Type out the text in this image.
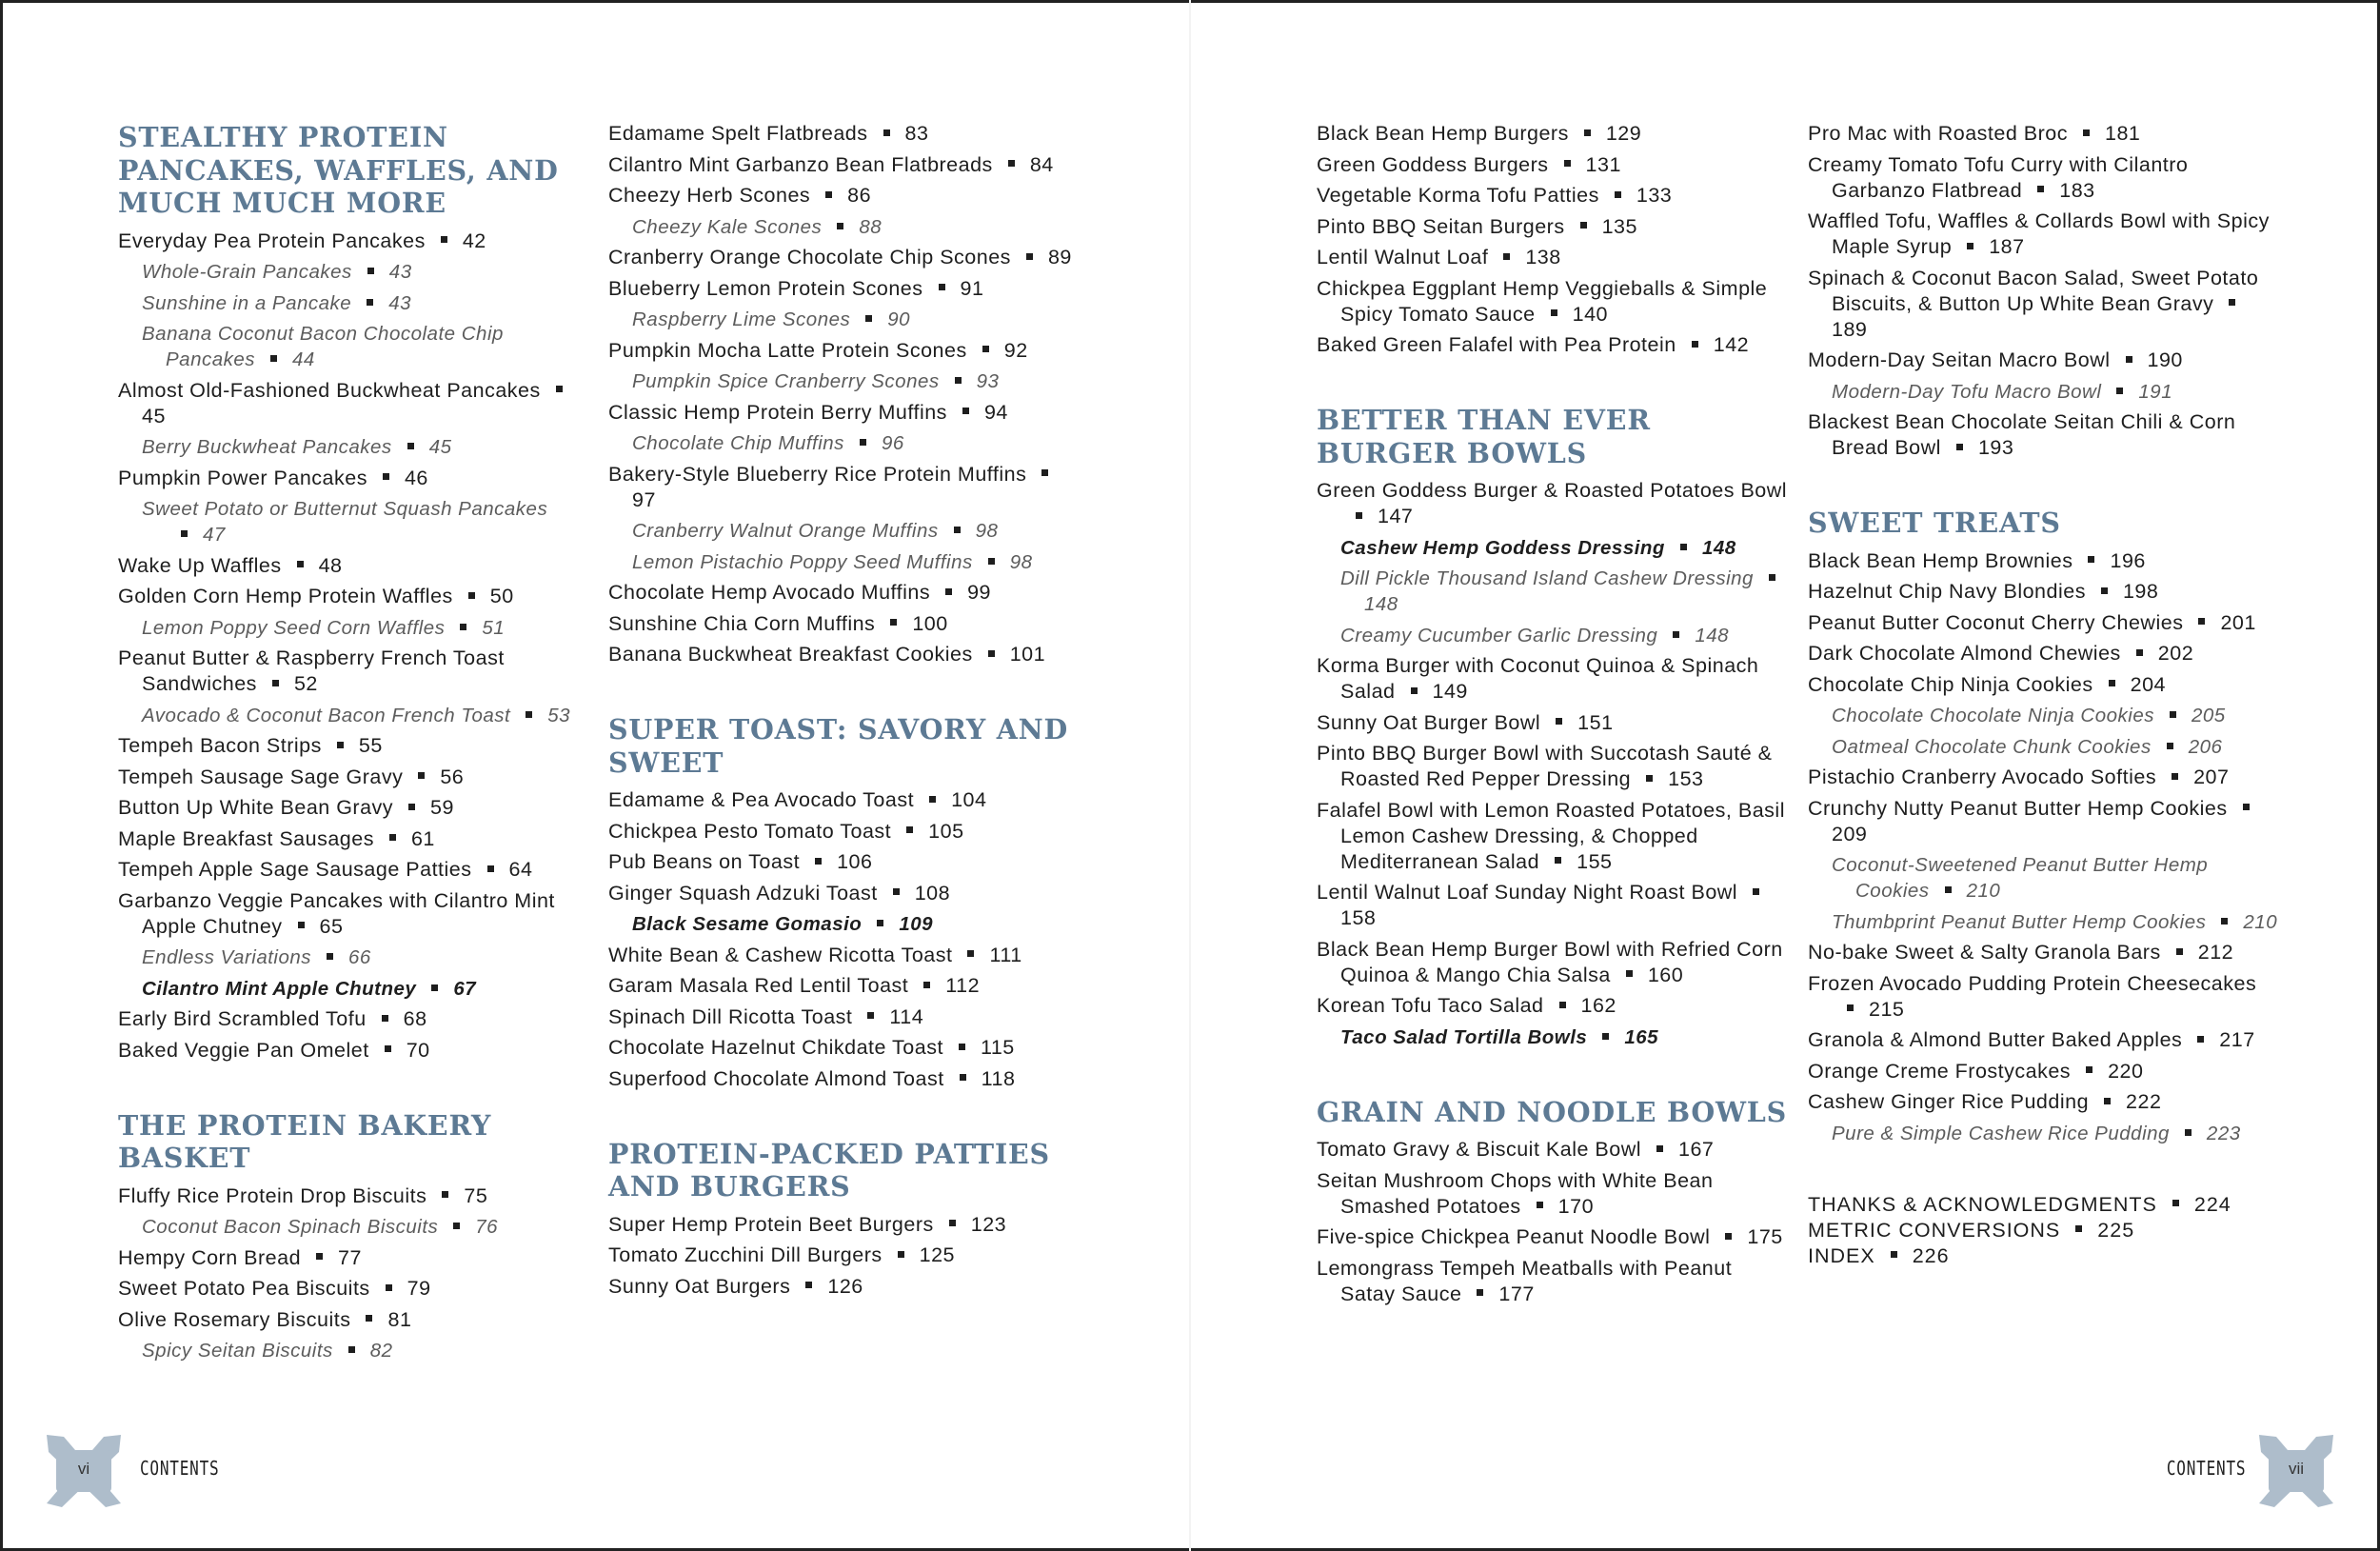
STEALTHY PROTEIN PANCAKES, WAFFLES, AND MUCH MUCH MORE
Everyday Pea Protein Pancakes 42
Whole-Grain Pancakes 43
Sunshine in a Pancake 43
Banana Coconut Bacon Chocolate Chip Pancakes 44
Almost Old-Fashioned Buckwheat Pancakes45
Berry Buckwheat Pancakes 45
Pumpkin Power Pancakes 46
Sweet Potato or Butternut Squash Pancakes47
Wake Up Waffles 48
Golden Corn Hemp Protein Waffles 50
Lemon Poppy Seed Corn Waffles 51
Peanut Butter & Raspberry French Toast Sandwiches 52
Avocado & Coconut Bacon French Toast 53
Tempeh Bacon Strips 55
Tempeh Sausage Sage Gravy 56
Button Up White Bean Gravy 59
Maple Breakfast Sausages 61
Tempeh Apple Sage Sausage Patties 64
Garbanzo Veggie Pancakes with Cilantro Mint Apple Chutney 65
Endless Variations 66
Cilantro Mint Apple Chutney 67
Early Bird Scrambled Tofu 68
Baked Veggie Pan Omelet 70
THE PROTEIN BAKERY BASKET
Fluffy Rice Protein Drop Biscuits 75
Coconut Bacon Spinach Biscuits 76
Hempy Corn Bread 77
Sweet Potato Pea Biscuits 79
Olive Rosemary Biscuits 81
Spicy Seitan Biscuits 82
Edamame Spelt Flatbreads 83
Cilantro Mint Garbanzo Bean Flatbreads 84
Cheezy Herb Scones 86
Cheezy Kale Scones 88
Cranberry Orange Chocolate Chip Scones 89
Blueberry Lemon Protein Scones 91
Raspberry Lime Scones 90
Pumpkin Mocha Latte Protein Scones 92
Pumpkin Spice Cranberry Scones 93
Classic Hemp Protein Berry Muffins 94
Chocolate Chip Muffins 96
Bakery-Style Blueberry Rice Protein Muffins97
Cranberry Walnut Orange Muffins 98
Lemon Pistachio Poppy Seed Muffins 98
Chocolate Hemp Avocado Muffins 99
Sunshine Chia Corn Muffins 100
Banana Buckwheat Breakfast Cookies 101
SUPER TOAST: SAVORY AND SWEET
Edamame & Pea Avocado Toast 104
Chickpea Pesto Tomato Toast 105
Pub Beans on Toast 106
Ginger Squash Adzuki Toast 108
Black Sesame Gomasio 109
White Bean & Cashew Ricotta Toast 111
Garam Masala Red Lentil Toast 112
Spinach Dill Ricotta Toast 114
Chocolate Hazelnut Chikdate Toast 115
Superfood Chocolate Almond Toast 118
PROTEIN-PACKED PATTIES AND BURGERS
Super Hemp Protein Beet Burgers 123
Tomato Zucchini Dill Burgers 125
Sunny Oat Burgers 126
Black Bean Hemp Burgers 129
Green Goddess Burgers 131
Vegetable Korma Tofu Patties 133
Pinto BBQ Seitan Burgers 135
Lentil Walnut Loaf 138
Chickpea Eggplant Hemp Veggieballs & Simple Spicy Tomato Sauce 140
Baked Green Falafel with Pea Protein 142
BETTER THAN EVER BURGER BOWLS
Green Goddess Burger & Roasted Potatoes Bowl147
Cashew Hemp Goddess Dressing 148
Dill Pickle Thousand Island Cashew Dressing148
Creamy Cucumber Garlic Dressing 148
Korma Burger with Coconut Quinoa & Spinach Salad 149
Sunny Oat Burger Bowl 151
Pinto BBQ Burger Bowl with Succotash Sauté & Roasted Red Pepper Dressing 153
Falafel Bowl with Lemon Roasted Potatoes, Basil Lemon Cashew Dressing, & Chopped Mediterranean Salad 155
Lentil Walnut Loaf Sunday Night Roast Bowl158
Black Bean Hemp Burger Bowl with Refried Corn Quinoa & Mango Chia Salsa 160
Korean Tofu Taco Salad 162
Taco Salad Tortilla Bowls 165
GRAIN AND NOODLE BOWLS
Tomato Gravy & Biscuit Kale Bowl 167
Seitan Mushroom Chops with White Bean Smashed Potatoes 170
Five-spice Chickpea Peanut Noodle Bowl 175
Lemongrass Tempeh Meatballs with Peanut Satay Sauce 177
Pro Mac with Roasted Broc 181
Creamy Tomato Tofu Curry with Cilantro Garbanzo Flatbread 183
Waffled Tofu, Waffles & Collards Bowl with Spicy Maple Syrup 187
Spinach & Coconut Bacon Salad, Sweet Potato Biscuits, & Button Up White Bean Gravy189
Modern-Day Seitan Macro Bowl 190
Modern-Day Tofu Macro Bowl 191
Blackest Bean Chocolate Seitan Chili & Corn Bread Bowl 193
SWEET TREATS
Black Bean Hemp Brownies 196
Hazelnut Chip Navy Blondies 198
Peanut Butter Coconut Cherry Chewies 201
Dark Chocolate Almond Chewies 202
Chocolate Chip Ninja Cookies 204
Chocolate Chocolate Ninja Cookies 205
Oatmeal Chocolate Chunk Cookies 206
Pistachio Cranberry Avocado Softies 207
Crunchy Nutty Peanut Butter Hemp Cookies209
Coconut-Sweetened Peanut Butter Hemp Cookies 210
Thumbprint Peanut Butter Hemp Cookies 210
No-bake Sweet & Salty Granola Bars 212
Frozen Avocado Pudding Protein Cheesecakes215
Granola & Almond Butter Baked Apples 217
Orange Creme Frostycakes 220
Cashew Ginger Rice Pudding 222
Pure & Simple Cashew Rice Pudding 223
THANKS & ACKNOWLEDGMENTS 224
METRIC CONVERSIONS 225
INDEX 226
vi	CONTENTS	vii
CONTENTS
